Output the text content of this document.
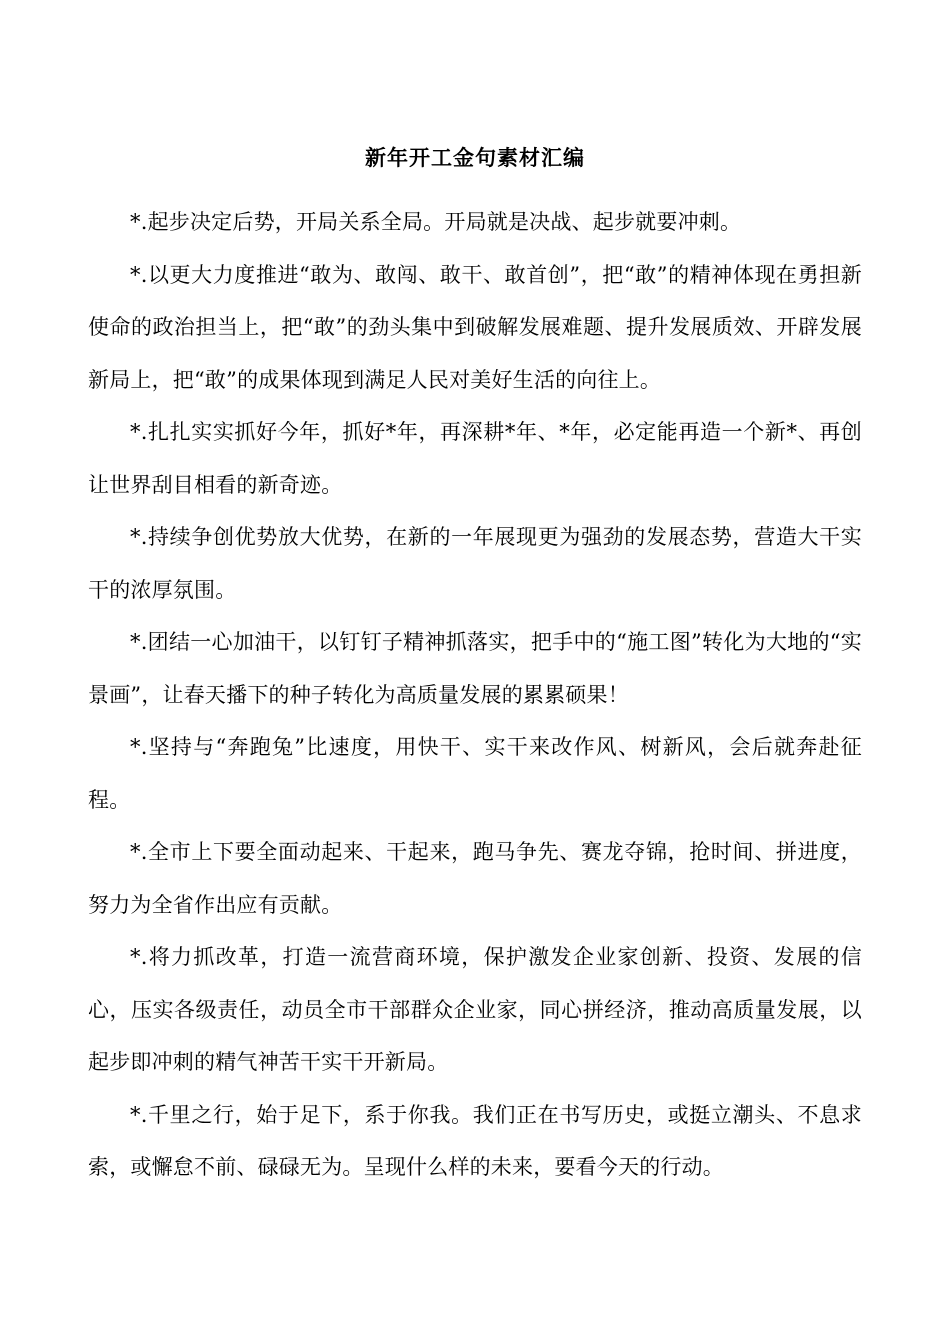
新年开工金句素材汇编

*.起步决定后势，开局关系全局。开局就是决战、起步就要冲刺。

*.以更大力度推进“敢为、敢闯、敢干、敢首创”，把“敢”的精神体现在勇担新使命的政治担当上，把“敢”的劲头集中到破解发展难题、提升发展质效、开辟发展新局上，把“敢”的成果体现到满足人民对美好生活的向往上。

*.扎扎实实抓好今年，抓好*年，再深耕*年、*年，必定能再造一个新*、再创让世界刮目相看的新奇迹。

*.持续争创优势放大优势，在新的一年展现更为强劲的发展态势，营造大干实干的浓厚氛围。

*.团结一心加油干，以钉钉子精神抓落实，把手中的“施工图”转化为大地的“实景画”，让春天播下的种子转化为高质量发展的累累硕果！

*.坚持与“奔跑兔”比速度，用快干、实干来改作风、树新风，会后就奔赴征程。

*.全市上下要全面动起来、干起来，跑马争先、赛龙夺锦，抢时间、拼进度，努力为全省作出应有贡献。

*.将力抓改革，打造一流营商环境，保护激发企业家创新、投资、发展的信心，压实各级责任，动员全市干部群众企业家，同心拼经济，推动高质量发展，以起步即冲刺的精气神苦干实干开新局。

*.千里之行，始于足下，系于你我。我们正在书写历史，或挺立潮头、不息求索，或懈怠不前、碌碌无为。呈现什么样的未来，要看今天的行动。
